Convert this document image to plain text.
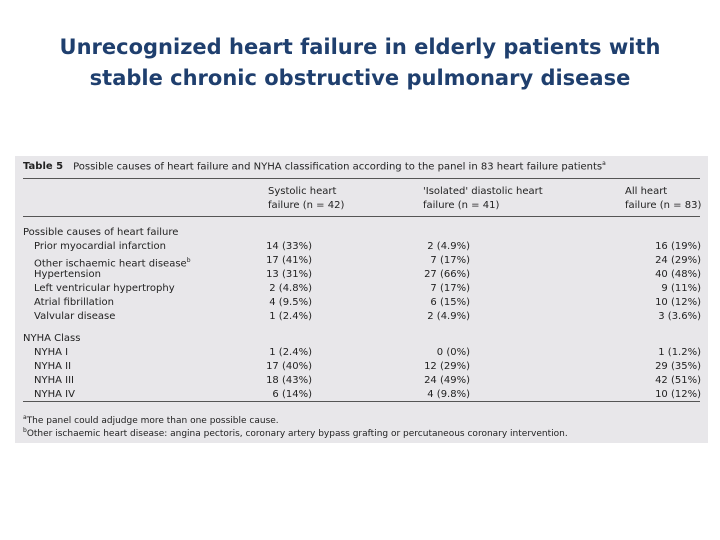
Unrecognized heart failure in elderly patients with
stable chronic obstructive pulmonary disease
Table 5 Possible causes of heart failure and NYHA classification according to the panel in 83 heart failure patients$^a$
Systolic heart
failure (n = 42)
'Isolated' diastolic heart
failure (n = 41)
All heart
failure (n = 83)
Possible causes of heart failure
Prior myocardial infarction	14 (33%)	2 (4.9%)	16 (19%)
Other ischaemic heart disease$^b$	17 (41%)	7 (17%)	24 (29%)
Hypertension	13 (31%)	27 (66%)	40 (48%)
Left ventricular hypertrophy	2 (4.8%)	7 (17%)	9 (11%)
Atrial fibrillation	4 (9.5%)	6 (15%)	10 (12%)
Valvular disease	1 (2.4%)	2 (4.9%)	3 (3.6%)
NYHA Class
NYHA I	1 (2.4%)	0 (0%)	1 (1.2%)
NYHA II	17 (40%)	12 (29%)	29 (35%)
NYHA III	18 (43%)	24 (49%)	42 (51%)
NYHA IV	6 (14%)	4 (9.8%)	10 (12%)
$^a$The panel could adjudge more than one possible cause.
$^b$Other ischaemic heart disease: angina pectoris, coronary artery bypass grafting or percutaneous coronary intervention.
